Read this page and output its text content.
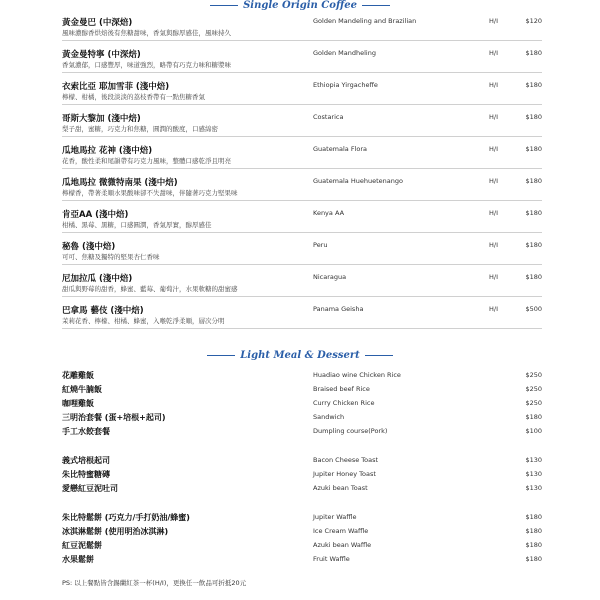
Single Origin Coffee
黃金曼巴 (中深焙)
風味濃醇香烘焙後有焦糖甜味，香氣與醇厚感佳，風味持久
Golden Mandeling and Brazilian	H/I	$120
黃金曼特寧 (中深焙)
香氣濃郁，口感豐厚，味道強烈，略帶有巧克力味和糖漿味
Golden Mandheling	H/I	$180
衣索比亞 耶加雪菲 (淺中焙)
檸檬、柑橘，後段淡淡的荔枝香帶有一點焦糖香氣
Ethiopia Yirgacheffe	H/I	$180
哥斯大黎加 (淺中焙)
梨子甜，蜜糖，巧克力和焦糖，圓潤的酸度，口感綿密
Costarica	H/I	$180
瓜地馬拉 花神 (淺中焙)
花香，酸性柔和尾韻帶有巧克力風味，整體口感乾淨且明亮
Guatemala Flora	H/I	$180
瓜地馬拉 微微特南果 (淺中焙)
檸檬香，帶著柔順水果酸味卻不失甜味，伴隨著巧克力堅果味
Guatemala Huehuetenango	H/I	$180
肯亞AA (淺中焙)
柑橘、黑莓、黑糖，口感圓潤，香氣厚實，醇厚感佳
Kenya AA	H/I	$180
秘魯 (淺中焙)
可可、焦糖及獨特的堅果杏仁香味
Peru	H/I	$180
尼加拉瓜 (淺中焙)
甜瓜與野莓的甜香，蜂蜜、藍莓、葡萄汁，水果軟糖的甜蜜感
Nicaragua	H/I	$180
巴拿馬 藝伎 (淺中焙)
茉莉花香、檸檬、柑橘、蜂蜜，入喉乾淨柔順，層次分明
Panama Geisha	H/I	$500
Light Meal & Dessert
花雕雞飯	Huadiao wine Chicken Rice	$250
紅燒牛腩飯	Braised beef Rice	$250
咖哩雞飯	Curry Chicken Rice	$250
三明治套餐 (蛋+培根+起司)	Sandwich	$180
手工水餃套餐	Dumpling course(Pork)	$100
義式培根起司	Bacon Cheese Toast	$130
朱比特蜜糖磚	Jupiter Honey Toast	$130
愛戀紅豆泥吐司	Azuki bean Toast	$130
朱比特鬆餅 (巧克力/手打奶油/蜂蜜)	Jupiter Waffle	$180
冰淇淋鬆餅 (使用明治冰淇淋)	Ice Cream Waffle	$180
紅豆泥鬆餅	Azuki bean Waffle	$180
水果鬆餅	Fruit Waffle	$180
PS: 以上餐點皆含錫蘭紅茶一杯(H/I)，更換任一飲品可折抵20元
